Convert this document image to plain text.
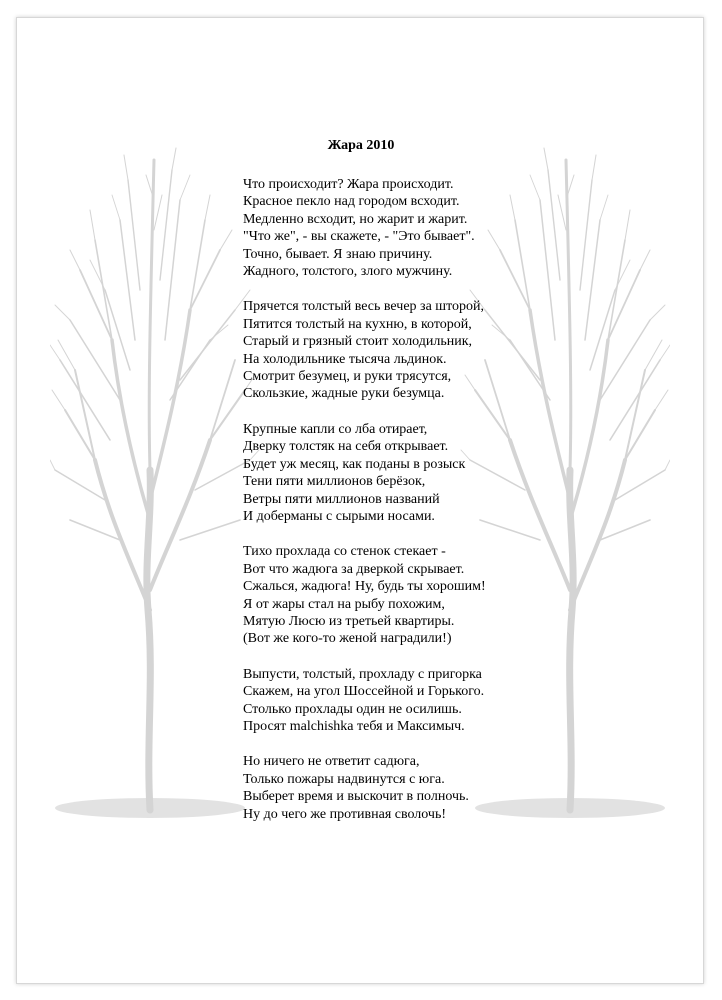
Жара 2010
Что происходит? Жара происходит.
Красное пекло над городом всходит.
Медленно всходит, но жарит и жарит.
"Что же", - вы скажете, - "Это бывает".
Точно, бывает. Я знаю причину.
Жадного, толстого, злого мужчину.
Прячется толстый весь вечер за шторой,
Пятится толстый на кухню, в которой,
Старый и грязный стоит холодильник,
На холодильнике тысяча льдинок.
Смотрит безумец, и руки трясутся,
Скользкие, жадные руки безумца.
Крупные капли со лба отирает,
Дверку толстяк на себя открывает.
Будет уж месяц, как поданы в розыск
Тени пяти миллионов берёзок,
Ветры пяти миллионов названий
И доберманы с сырыми носами.
Тихо прохлада со стенок стекает -
Вот что жадюга за дверкой скрывает.
Сжалься, жадюга! Ну, будь ты хорошим!
Я от жары стал на рыбу похожим,
Мятую Люсю из третьей квартиры.
(Вот же кого-то женой наградили!)
Выпусти, толстый, прохладу с пригорка
Скажем, на угол Шоссейной и Горького.
Столько прохлады один не осилишь.
Просят malchishka тебя и Максимыч.
Но ничего не ответит садюга,
Только пожары надвинутся с юга.
Выберет время и выскочит в полночь.
Ну до чего же противная сволочь!
